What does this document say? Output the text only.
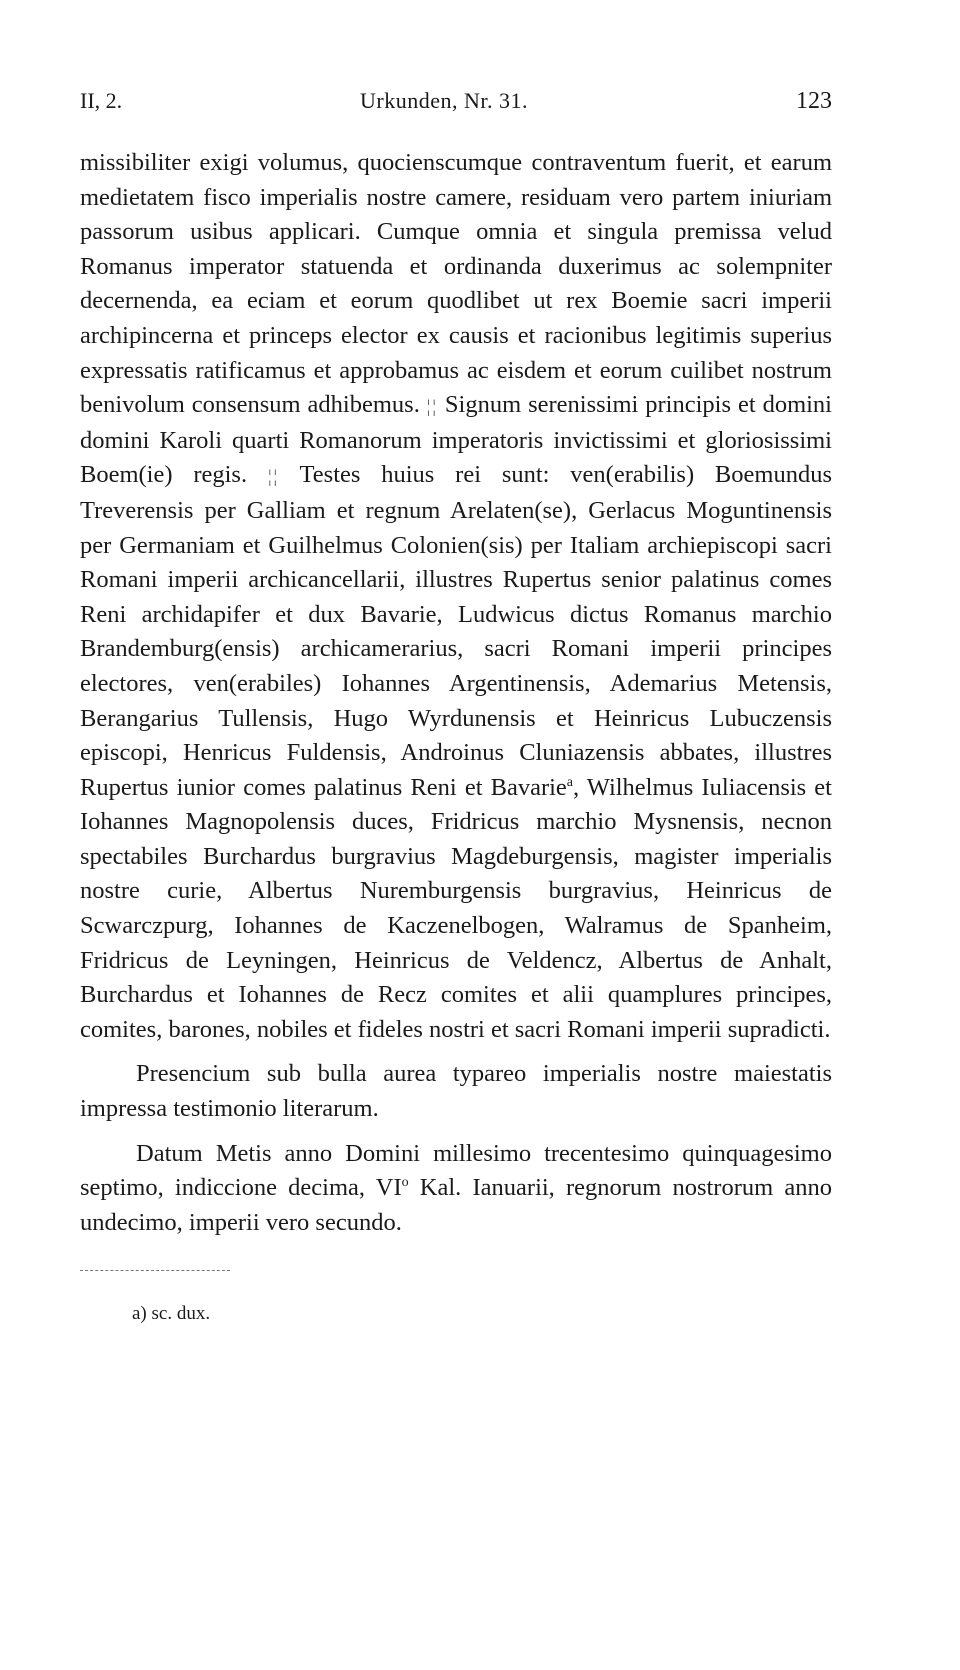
II, 2.	Urkunden, Nr. 31.	123

missibiliter exigi volumus, quocienscumque contraventum fuerit, et earum medietatem fisco imperialis nostre camere, residuam vero partem iniuriam passorum usibus applicari. Cumque omnia et singula premissa velud Romanus imperator statuenda et ordinanda duxerimus ac solempniter decernenda, ea eciam et eorum quodlibet ut rex Boemie sacri imperii archipincerna et princeps elector ex causis et racionibus legitimis superius expressatis ratificamus et approbamus ac eisdem et eorum cuilibet nostrum benivolum consensum adhibemus. ¦¦ Signum serenissimi principis et domini domini Karoli quarti Romanorum imperatoris invictissimi et gloriosissimi Boem(ie) regis. ¦¦ Testes huius rei sunt: ven(erabilis) Boemundus Treverensis per Galliam et regnum Arelaten(se), Gerlacus Moguntinensis per Germaniam et Guilhelmus Colonien(sis) per Italiam archiepiscopi sacri Romani imperii archicancellarii, illustres Rupertus senior palatinus comes Reni archidapifer et dux Bavarie, Ludwicus dictus Romanus marchio Brandemburg(ensis) archicamerarius, sacri Romani imperii principes electores, ven(erabiles) Iohannes Argentinensis, Ademarius Metensis, Berangarius Tullensis, Hugo Wyrdunensis et Heinricus Lubuczensis episcopi, Henricus Fuldensis, Androinus Cluniazensis abbates, illustres Rupertus iunior comes palatinus Reni et Bavarie$^a$, Wilhelmus Iuliacensis et Iohannes Magnopolensis duces, Fridricus marchio Mysnensis, necnon spectabiles Burchardus burgravius Magdeburgensis, magister imperialis nostre curie, Albertus Nuremburgensis burgravius, Heinricus de Scwarczpurg, Iohannes de Kaczenelbogen, Walramus de Spanheim, Fridricus de Leyningen, Heinricus de Veldencz, Albertus de Anhalt, Burchardus et Iohannes de Recz comites et alii quamplures principes, comites, barones, nobiles et fideles nostri et sacri Romani imperii supradicti.

Presencium sub bulla aurea typareo imperialis nostre maiestatis impressa testimonio literarum.

Datum Metis anno Domini millesimo trecentesimo quinquagesimo septimo, indiccione decima, $VI^o$ Kal. Ianuarii, regnorum nostrorum anno undecimo, imperii vero secundo.

a) sc. dux.
